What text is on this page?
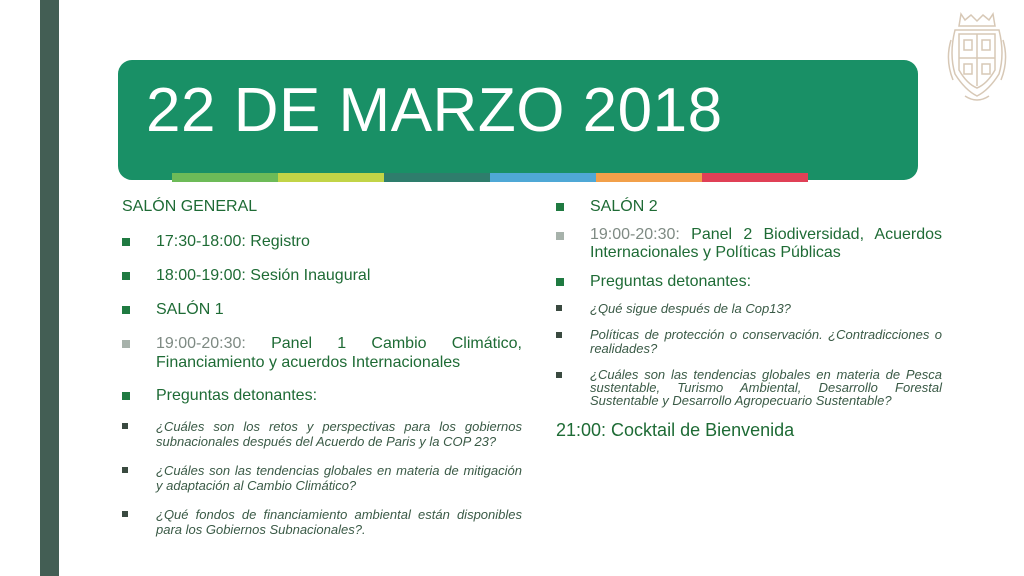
22 DE MARZO 2018
SALÓN GENERAL
17:30-18:00: Registro
18:00-19:00: Sesión Inaugural
SALÓN 1
19:00-20:30: Panel 1 Cambio Climático, Financiamiento y acuerdos Internacionales
Preguntas detonantes:
¿Cuáles son los retos y perspectivas para los gobiernos subnacionales después del Acuerdo de Paris y la COP 23?
¿Cuáles son las tendencias globales en materia de mitigación y adaptación al Cambio Climático?
¿Qué fondos de financiamiento ambiental están disponibles para los Gobiernos Subnacionales?.
SALÓN 2
19:00-20:30: Panel 2 Biodiversidad, Acuerdos Internacionales y Políticas Públicas
Preguntas detonantes:
¿Qué sigue después de la Cop13?
Políticas de protección o conservación. ¿Contradicciones o realidades?
¿Cuáles son las tendencias globales en materia de Pesca sustentable, Turismo Ambiental, Desarrollo Forestal Sustentable y Desarrollo Agropecuario Sustentable?
21:00: Cocktail de Bienvenida
